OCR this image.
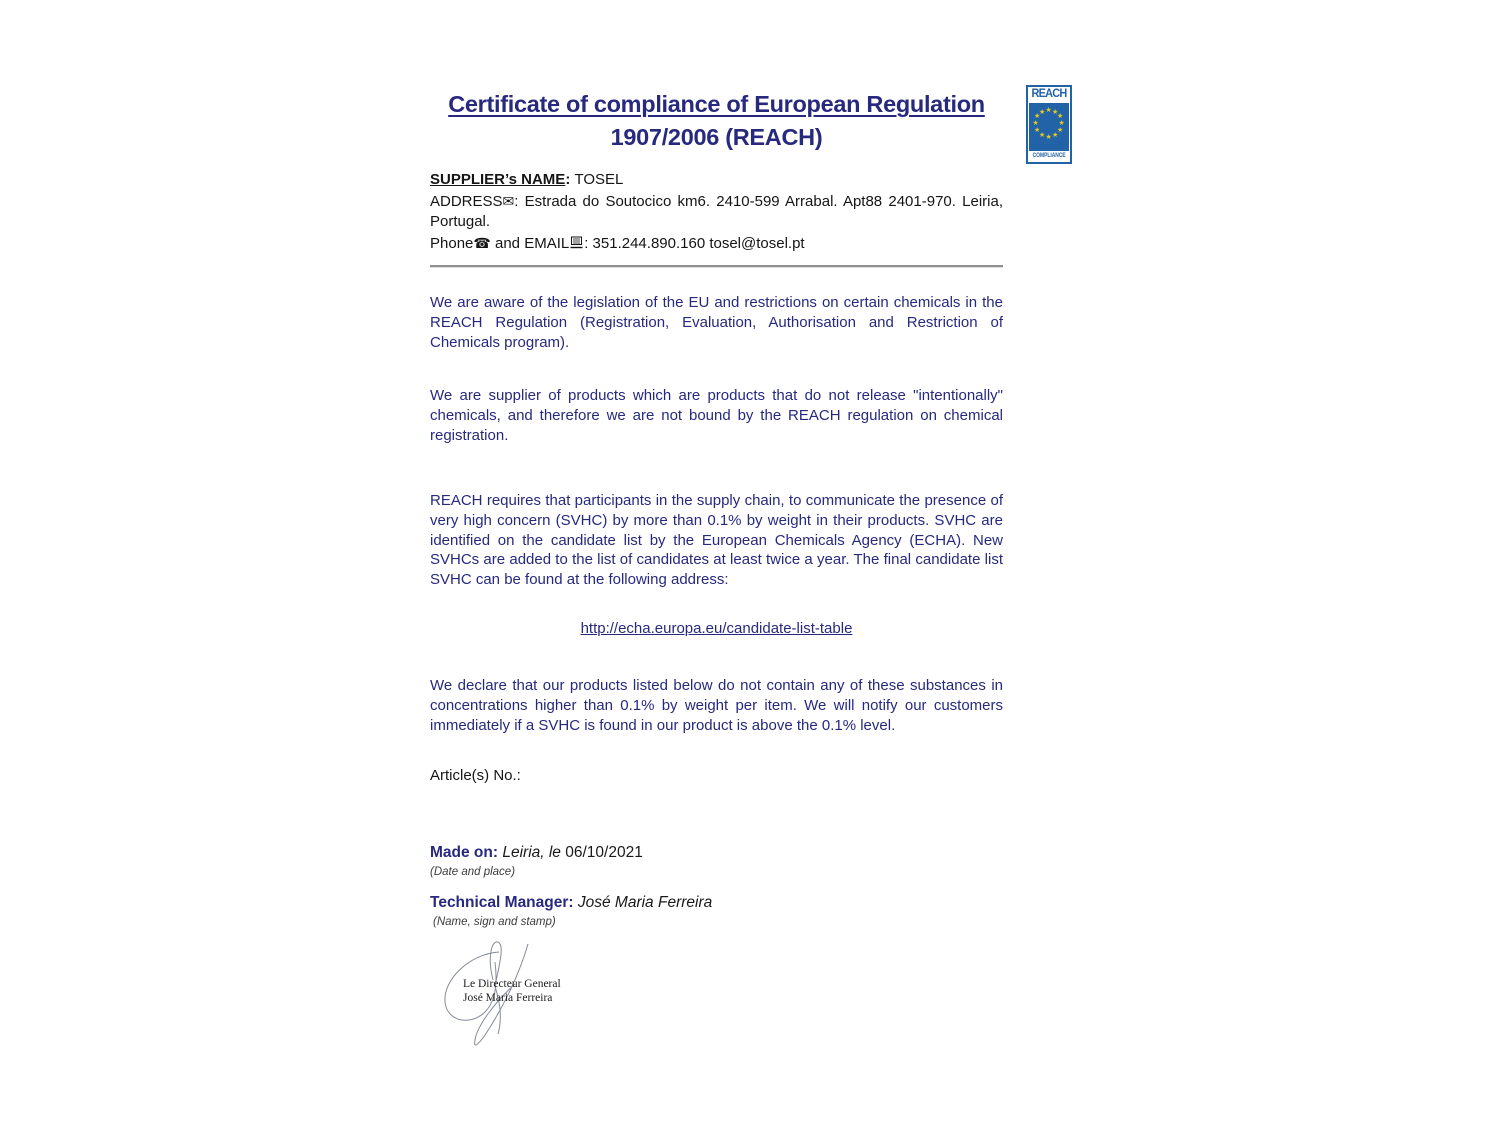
REACH
★ ★
★
★
★
★
★
★
★
★
★
★
COMPLIANCE
Certificate of compliance of European Regulation
1907/2006 (REACH)
SUPPLIER’s NAME: TOSEL
ADDRESS✉: Estrada do Soutocico km6. 2410-599 Arrabal. Apt88 2401-970. Leiria, Portugal.
Phone☎ and EMAIL : 351.244.890.160 tosel@tosel.pt
We are aware of the legislation of the EU and restrictions on certain chemicals in the REACH Regulation (Registration, Evaluation, Authorisation and Restriction of Chemicals program).
We are supplier of products which are products that do not release "intentionally" chemicals, and therefore we are not bound by the REACH regulation on chemical registration.
REACH requires that participants in the supply chain, to communicate the presence of very high concern (SVHC) by more than 0.1% by weight in their products. SVHC are identified on the candidate list by the European Chemicals Agency (ECHA). New SVHCs are added to the list of candidates at least twice a year. The final candidate list SVHC can be found at the following address:
http://echa.europa.eu/candidate-list-table
We declare that our products listed below do not contain any of these substances in concentrations higher than 0.1% by weight per item. We will notify our customers immediately if a SVHC is found in our product is above the 0.1% level.
Article(s) No.:
Made on: Leiria, le 06/10/2021
(Date and place)
Technical Manager: José Maria Ferreira
(Name, sign and stamp)
Le Directeur General
José Maria Ferreira
